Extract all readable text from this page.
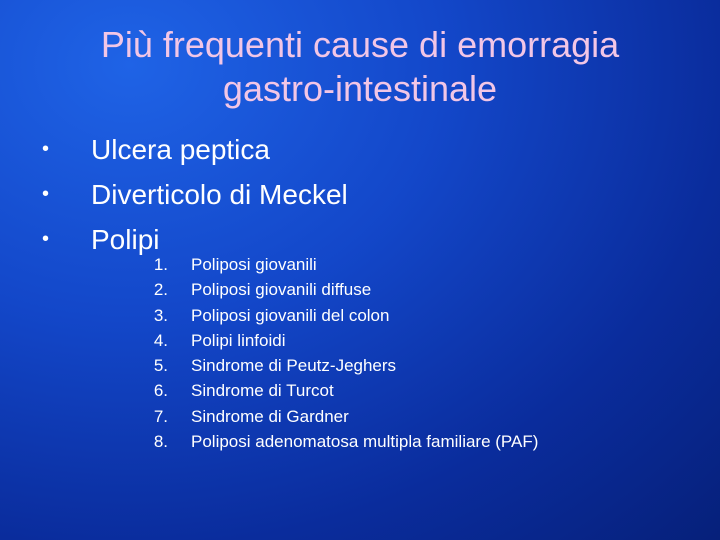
Più frequenti cause di emorragia
gastro-intestinale
• Ulcera peptica
• Diverticolo di Meckel
• Polipi
1. Poliposi giovanili
2. Poliposi giovanili diffuse
3. Poliposi giovanili del colon
4. Polipi linfoidi
5. Sindrome di Peutz-Jeghers
6. Sindrome di Turcot
7. Sindrome di Gardner
8. Poliposi adenomatosa multipla familiare (PAF)
